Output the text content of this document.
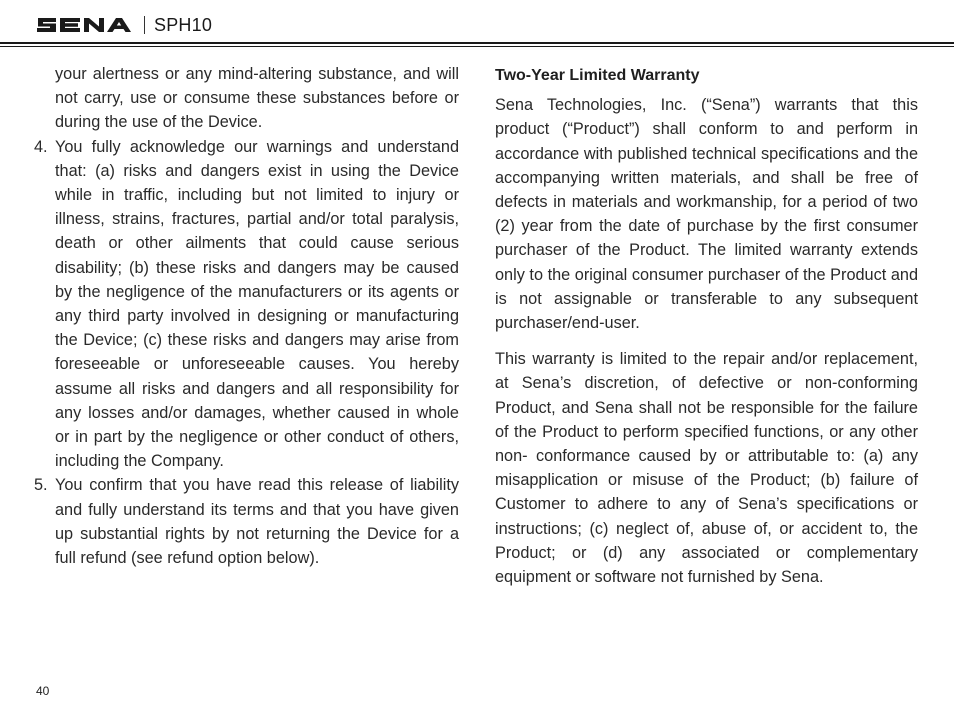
SPH10
your alertness or any mind-altering substance, and will not carry, use or consume these substances before or during the use of the Device.
4. You fully acknowledge our warnings and understand that: (a) risks and dangers exist in using the Device while in traffic, including but not limited to injury or illness, strains, fractures, partial and/or total paralysis, death or other ailments that could cause serious disability; (b) these risks and dangers may be caused by the negligence of the manufacturers or its agents or any third party involved in designing or manufacturing the Device; (c) these risks and dangers may arise from foreseeable or unforeseeable causes. You hereby assume all risks and dangers and all responsibility for any losses and/or damages, whether caused in whole or in part by the negligence or other conduct of others, including the Company.
5. You confirm that you have read this release of liability and fully understand its terms and that you have given up substantial rights by not returning the Device for a full refund (see refund option below).
Two-Year Limited Warranty

Sena Technologies, Inc. (“Sena”) warrants that this product (“Product”) shall conform to and perform in accordance with published technical specifications and the accompanying written materials, and shall be free of defects in materials and workmanship, for a period of two (2) year from the date of purchase by the first consumer purchaser of the Product. The limited warranty extends only to the original consumer purchaser of the Product and is not assignable or transferable to any subsequent purchaser/end-user.

This warranty is limited to the repair and/or replacement, at Sena’s discretion, of defective or non-conforming Product, and Sena shall not be responsible for the failure of the Product to perform specified functions, or any other non- conformance caused by or attributable to: (a) any misapplication or misuse of the Product; (b) failure of Customer to adhere to any of Sena’s specifications or instructions; (c) neglect of, abuse of, or accident to, the Product; or (d) any associated or complementary equipment or software not furnished by Sena.

40
